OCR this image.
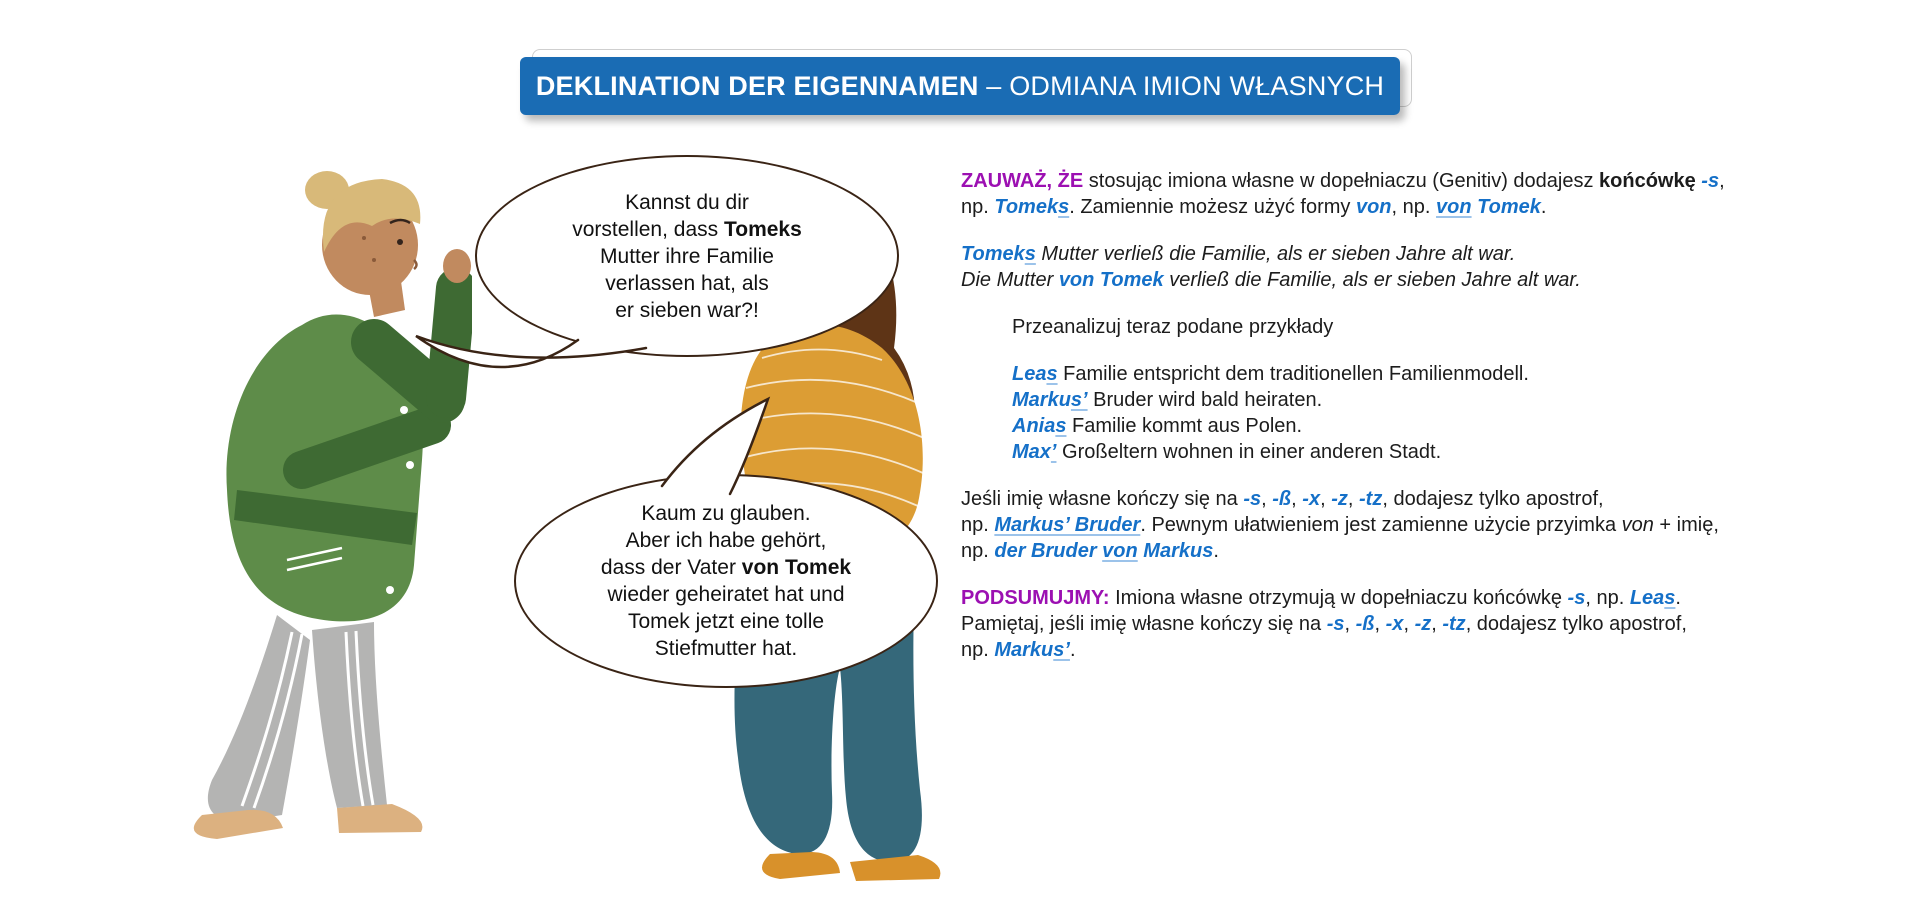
DEKLINATION DER EIGENNAMEN – ODMIANA IMION WŁASNYCH
Kannst du dir
vorstellen, dass Tomeks
Mutter ihre Familie
verlassen hat, als
er sieben war?!
Kaum zu glauben.
Aber ich habe gehört,
dass der Vater von Tomek
wieder geheiratet hat und
Tomek jetzt eine tolle
Stiefmutter hat.
ZAUWAŻ, ŻE stosując imiona własne w dopełniaczu (Genitiv) dodajesz końcówkę -s,
np. Tomeks. Zamiennie możesz użyć formy von, np. von Tomek.
Tomeks Mutter verließ die Familie, als er sieben Jahre alt war.
Die Mutter von Tomek verließ die Familie, als er sieben Jahre alt war.
Przeanalizuj teraz podane przykłady
Leas Familie entspricht dem traditionellen Familienmodell.
Markus’ Bruder wird bald heiraten.
Anias Familie kommt aus Polen.
Max’ Großeltern wohnen in einer anderen Stadt.
Jeśli imię własne kończy się na -s, -ß, -x, -z, -tz, dodajesz tylko apostrof,
np. Markus’ Bruder. Pewnym ułatwieniem jest zamienne użycie przyimka von + imię,
np. der Bruder von Markus.
PODSUMUJMY: Imiona własne otrzymują w dopełniaczu końcówkę -s, np. Leas.
Pamiętaj, jeśli imię własne kończy się na -s, -ß, -x, -z, -tz, dodajesz tylko apostrof,
np. Markus’.
